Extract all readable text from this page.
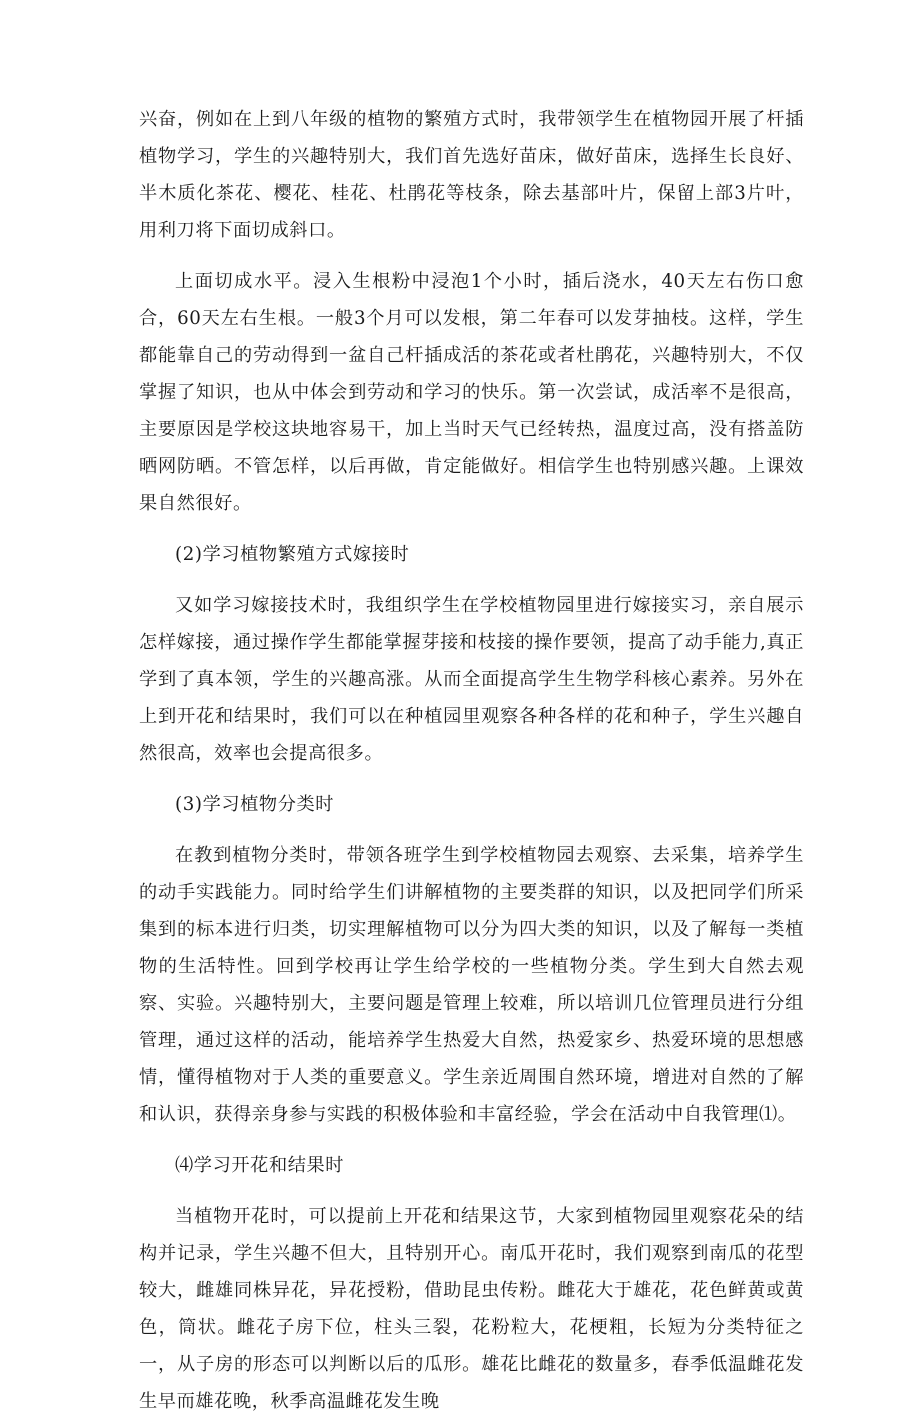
兴奋，例如在上到八年级的植物的繁殖方式时，我带领学生在植物园开展了杆插植物学习，学生的兴趣特别大，我们首先选好苗床，做好苗床，选择生长良好、半木质化茶花、樱花、桂花、杜鹃花等枝条，除去基部叶片，保留上部3片叶，用利刀将下面切成斜口。

上面切成水平。浸入生根粉中浸泡1个小时，插后浇水，40天左右伤口愈合，60天左右生根。一般3个月可以发根，第二年春可以发芽抽枝。这样，学生都能靠自己的劳动得到一盆自己杆插成活的茶花或者杜鹃花，兴趣特别大，不仅掌握了知识，也从中体会到劳动和学习的快乐。第一次尝试，成活率不是很高，主要原因是学校这块地容易干，加上当时天气已经转热，温度过高，没有搭盖防晒网防晒。不管怎样，以后再做，肯定能做好。相信学生也特别感兴趣。上课效果自然很好。

(2)学习植物繁殖方式嫁接时

又如学习嫁接技术时，我组织学生在学校植物园里进行嫁接实习，亲自展示怎样嫁接，通过操作学生都能掌握芽接和枝接的操作要领，提高了动手能力,真正学到了真本领，学生的兴趣高涨。从而全面提高学生生物学科核心素养。另外在上到开花和结果时，我们可以在种植园里观察各种各样的花和种子，学生兴趣自然很高，效率也会提高很多。

(3)学习植物分类时

在教到植物分类时，带领各班学生到学校植物园去观察、去采集，培养学生的动手实践能力。同时给学生们讲解植物的主要类群的知识，以及把同学们所采集到的标本进行归类，切实理解植物可以分为四大类的知识，以及了解每一类植物的生活特性。回到学校再让学生给学校的一些植物分类。学生到大自然去观察、实验。兴趣特别大，主要问题是管理上较难，所以培训几位管理员进行分组管理，通过这样的活动，能培养学生热爱大自然，热爱家乡、热爱环境的思想感情，懂得植物对于人类的重要意义。学生亲近周围自然环境，增进对自然的了解和认识，获得亲身参与实践的积极体验和丰富经验，学会在活动中自我管理⑴。

⑷学习开花和结果时

当植物开花时，可以提前上开花和结果这节，大家到植物园里观察花朵的结构并记录，学生兴趣不但大，且特别开心。南瓜开花时，我们观察到南瓜的花型较大，雌雄同株异花，异花授粉，借助昆虫传粉。雌花大于雄花，花色鲜黄或黄色，筒状。雌花子房下位，柱头三裂，花粉粒大，花梗粗，长短为分类特征之一，从子房的形态可以判断以后的瓜形。雄花比雌花的数量多，春季低温雌花发生早而雄花晚，秋季高温雌花发生晚
